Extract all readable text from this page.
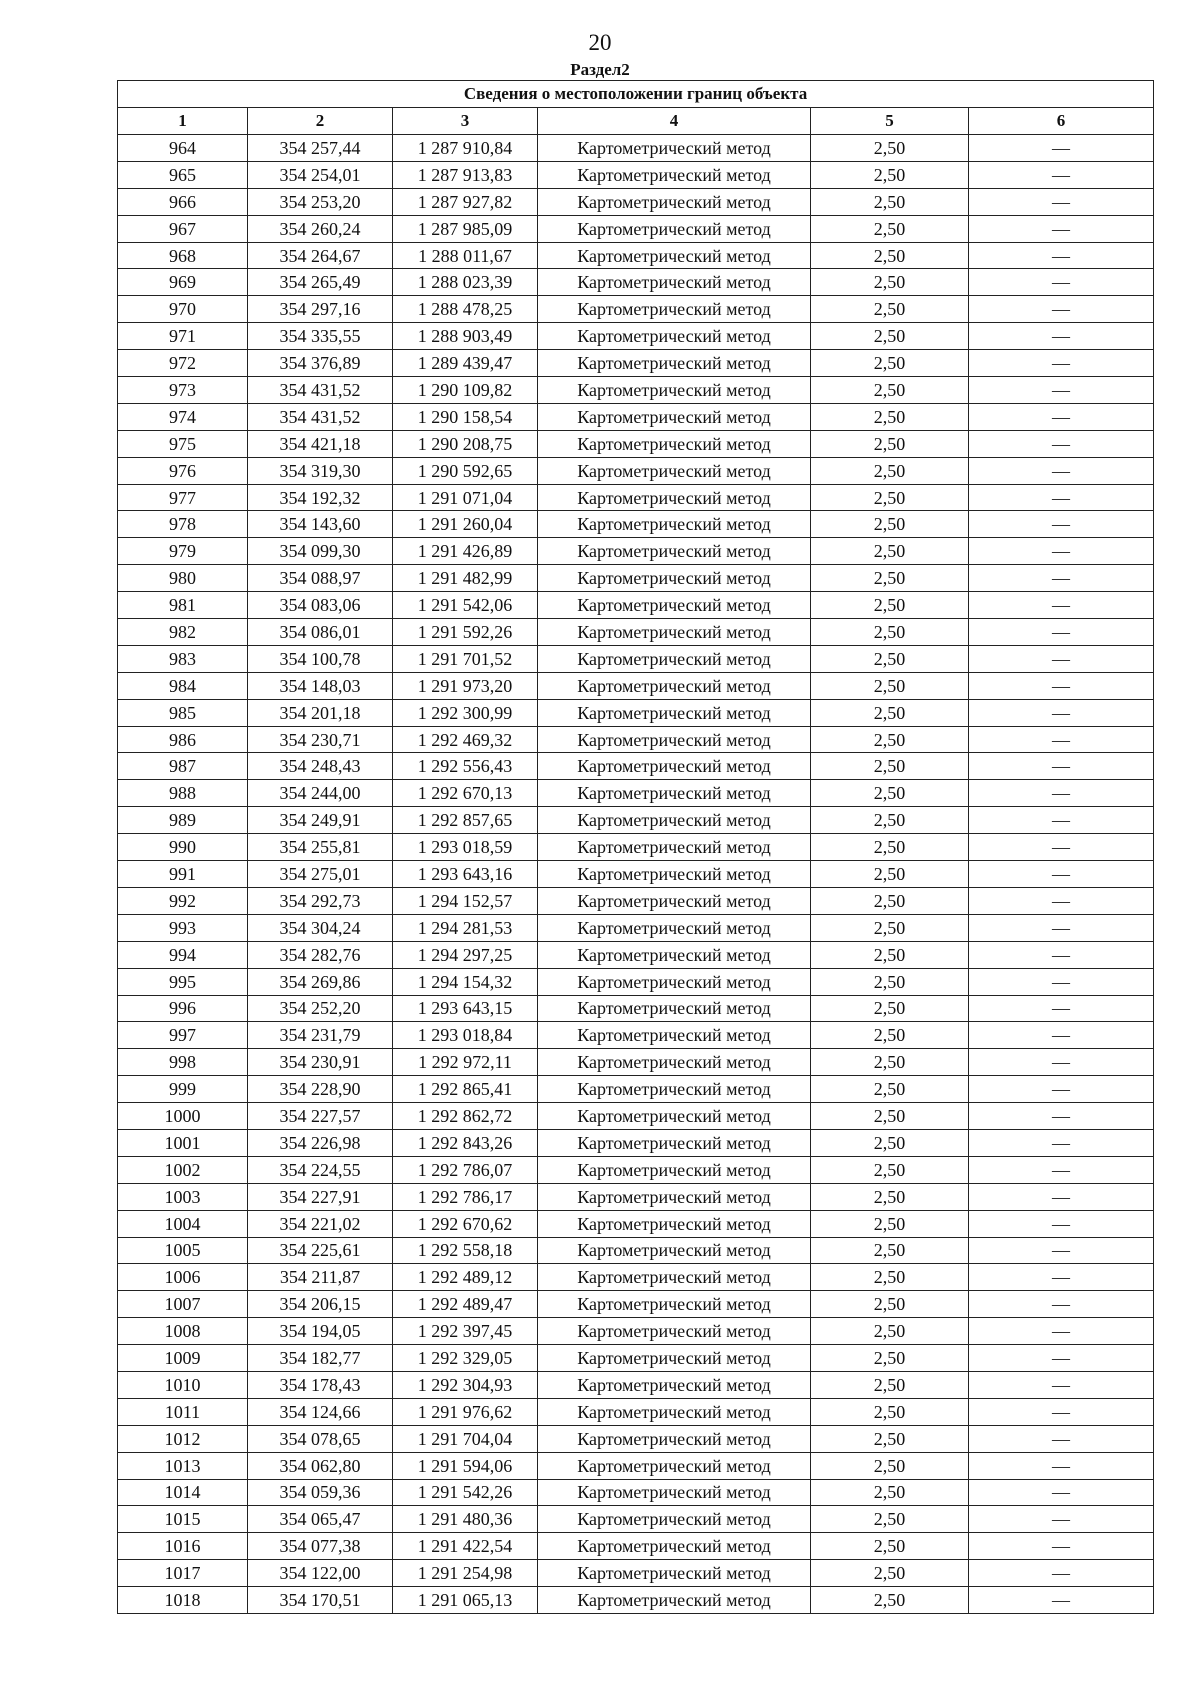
20
Раздел2
Сведения о местоположении границ объекта					
1	2	3	4	5	6
964	354 257,44	1 287 910,84	Картометрический метод	2,50	—
965	354 254,01	1 287 913,83	Картометрический метод	2,50	—
966	354 253,20	1 287 927,82	Картометрический метод	2,50	—
967	354 260,24	1 287 985,09	Картометрический метод	2,50	—
968	354 264,67	1 288 011,67	Картометрический метод	2,50	—
969	354 265,49	1 288 023,39	Картометрический метод	2,50	—
970	354 297,16	1 288 478,25	Картометрический метод	2,50	—
971	354 335,55	1 288 903,49	Картометрический метод	2,50	—
972	354 376,89	1 289 439,47	Картометрический метод	2,50	—
973	354 431,52	1 290 109,82	Картометрический метод	2,50	—
974	354 431,52	1 290 158,54	Картометрический метод	2,50	—
975	354 421,18	1 290 208,75	Картометрический метод	2,50	—
976	354 319,30	1 290 592,65	Картометрический метод	2,50	—
977	354 192,32	1 291 071,04	Картометрический метод	2,50	—
978	354 143,60	1 291 260,04	Картометрический метод	2,50	—
979	354 099,30	1 291 426,89	Картометрический метод	2,50	—
980	354 088,97	1 291 482,99	Картометрический метод	2,50	—
981	354 083,06	1 291 542,06	Картометрический метод	2,50	—
982	354 086,01	1 291 592,26	Картометрический метод	2,50	—
983	354 100,78	1 291 701,52	Картометрический метод	2,50	—
984	354 148,03	1 291 973,20	Картометрический метод	2,50	—
985	354 201,18	1 292 300,99	Картометрический метод	2,50	—
986	354 230,71	1 292 469,32	Картометрический метод	2,50	—
987	354 248,43	1 292 556,43	Картометрический метод	2,50	—
988	354 244,00	1 292 670,13	Картометрический метод	2,50	—
989	354 249,91	1 292 857,65	Картометрический метод	2,50	—
990	354 255,81	1 293 018,59	Картометрический метод	2,50	—
991	354 275,01	1 293 643,16	Картометрический метод	2,50	—
992	354 292,73	1 294 152,57	Картометрический метод	2,50	—
993	354 304,24	1 294 281,53	Картометрический метод	2,50	—
994	354 282,76	1 294 297,25	Картометрический метод	2,50	—
995	354 269,86	1 294 154,32	Картометрический метод	2,50	—
996	354 252,20	1 293 643,15	Картометрический метод	2,50	—
997	354 231,79	1 293 018,84	Картометрический метод	2,50	—
998	354 230,91	1 292 972,11	Картометрический метод	2,50	—
999	354 228,90	1 292 865,41	Картометрический метод	2,50	—
1000	354 227,57	1 292 862,72	Картометрический метод	2,50	—
1001	354 226,98	1 292 843,26	Картометрический метод	2,50	—
1002	354 224,55	1 292 786,07	Картометрический метод	2,50	—
1003	354 227,91	1 292 786,17	Картометрический метод	2,50	—
1004	354 221,02	1 292 670,62	Картометрический метод	2,50	—
1005	354 225,61	1 292 558,18	Картометрический метод	2,50	—
1006	354 211,87	1 292 489,12	Картометрический метод	2,50	—
1007	354 206,15	1 292 489,47	Картометрический метод	2,50	—
1008	354 194,05	1 292 397,45	Картометрический метод	2,50	—
1009	354 182,77	1 292 329,05	Картометрический метод	2,50	—
1010	354 178,43	1 292 304,93	Картометрический метод	2,50	—
1011	354 124,66	1 291 976,62	Картометрический метод	2,50	—
1012	354 078,65	1 291 704,04	Картометрический метод	2,50	—
1013	354 062,80	1 291 594,06	Картометрический метод	2,50	—
1014	354 059,36	1 291 542,26	Картометрический метод	2,50	—
1015	354 065,47	1 291 480,36	Картометрический метод	2,50	—
1016	354 077,38	1 291 422,54	Картометрический метод	2,50	—
1017	354 122,00	1 291 254,98	Картометрический метод	2,50	—
1018	354 170,51	1 291 065,13	Картометрический метод	2,50	—
